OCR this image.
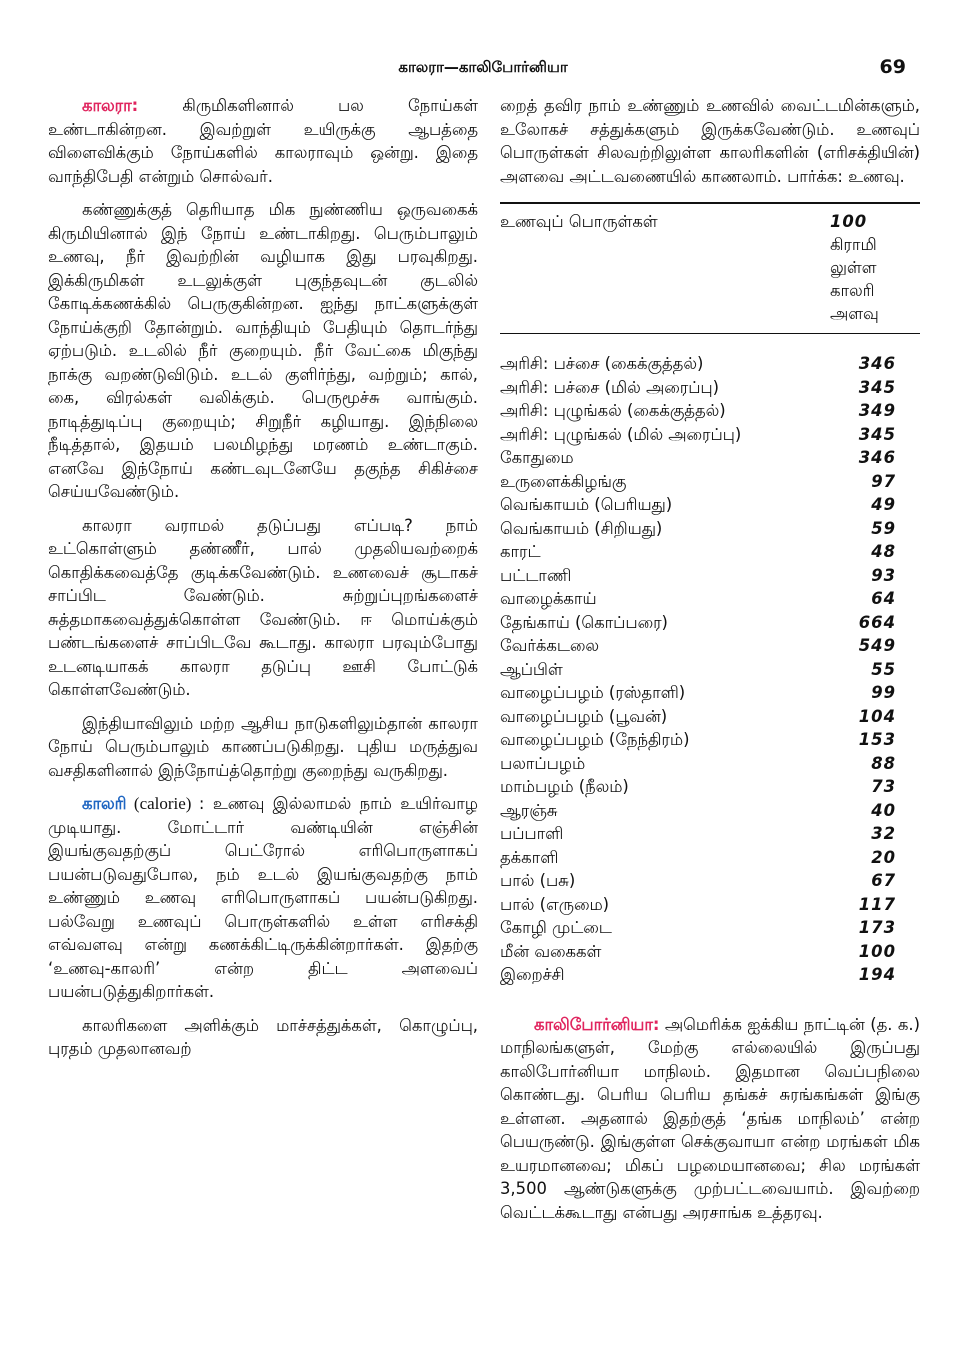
காலரா—காலிபோர்னியா	69

காலரா: கிருமிகளினால் பல நோய்கள் உண்டாகின்றன. இவற்றுள் உயிருக்கு ஆபத்தை விளைவிக்கும் நோய்களில் காலராவும் ஒன்று. இதை வாந்திபேதி என்றும் சொல்வர்.

கண்ணுக்குத் தெரியாத மிக நுண்ணிய ஒருவகைக் கிருமியினால் இந் நோய் உண்டாகிறது. பெரும்பாலும் உணவு, நீர் இவற்றின் வழியாக இது பரவுகிறது. இக்கிருமிகள் உடலுக்குள் புகுந்தவுடன் குடலில் கோடிக்கணக்கில் பெருகுகின்றன. ஐந்து நாட்களுக்குள் நோய்க்குறி தோன்றும். வாந்தியும் பேதியும் தொடர்ந்து ஏற்படும். உடலில் நீர் குறையும். நீர் வேட்கை மிகுந்து நாக்கு வறண்டுவிடும். உடல் குளிர்ந்து, வற்றும்; கால், கை, விரல்கள் வலிக்கும். பெருமூச்சு வாங்கும். நாடித்துடிப்பு குறையும்; சிறுநீர் கழியாது. இந்நிலை நீடித்தால், இதயம் பலமிழந்து மரணம் உண்டாகும். எனவே இந்நோய் கண்டவுடனேயே தகுந்த சிகிச்சை செய்யவேண்டும்.

காலரா வராமல் தடுப்பது எப்படி? நாம் உட்கொள்ளும் தண்ணீர், பால் முதலியவற்றைக் கொதிக்கவைத்தே குடிக்கவேண்டும். உணவைச் சூடாகச் சாப்பிட வேண்டும். சுற்றுப்புறங்களைச் சுத்தமாகவைத்துக்கொள்ள வேண்டும். ஈ மொய்க்கும் பண்டங்களைச் சாப்பிடவே கூடாது. காலரா பரவும்போது உடனடியாகக் காலரா தடுப்பு ஊசி போட்டுக் கொள்ளவேண்டும்.

இந்தியாவிலும் மற்ற ஆசிய நாடுகளிலும்தான் காலரா நோய் பெரும்பாலும் காணப்படுகிறது. புதிய மருத்துவ வசதிகளினால் இந்நோய்த்தொற்று குறைந்து வருகிறது.

காலரி (calorie) : உணவு இல்லாமல் நாம் உயிர்வாழ முடியாது. மோட்டார் வண்டியின் எஞ்சின் இயங்குவதற்குப் பெட்ரோல் எரிபொருளாகப் பயன்படுவதுபோல, நம் உடல் இயங்குவதற்கு நாம் உண்ணும் உணவு எரிபொருளாகப் பயன்படுகிறது. பல்வேறு உணவுப் பொருள்களில் உள்ள எரிசக்தி எவ்வளவு என்று கணக்கிட்டிருக்கின்றார்கள். இதற்கு ‘உணவு-காலரி’ என்ற திட்ட அளவைப் பயன்படுத்துகிறார்கள்.

காலரிகளை அளிக்கும் மாச்சத்துக்கள், கொழுப்பு, புரதம் முதலானவற்

றைத் தவிர நாம் உண்ணும் உணவில் வைட்டமின்களும், உலோகச் சத்துக்களும் இருக்கவேண்டும். உணவுப் பொருள்கள் சிலவற்றிலுள்ள காலரிகளின் (எரிசக்தியின்) அளவை அட்டவணையில் காணலாம். பார்க்க: உணவு.

உணவுப் பொருள்கள்	100
கிராமி
லுள்ள
காலரி
அளவு
அரிசி: பச்சை (கைக்குத்தல்)	346
அரிசி: பச்சை (மில் அரைப்பு)	345
அரிசி: புழுங்கல் (கைக்குத்தல்)	349
அரிசி: புழுங்கல் (மில் அரைப்பு)	345
கோதுமை	346
உருளைக்கிழங்கு	97
வெங்காயம் (பெரியது)	49
வெங்காயம் (சிறியது)	59
காரட்	48
பட்டாணி	93
வாழைக்காய்	64
தேங்காய் (கொப்பரை)	664
வேர்க்கடலை	549
ஆப்பிள்	55
வாழைப்பழம் (ரஸ்தாளி)	99
வாழைப்பழம் (பூவன்)	104
வாழைப்பழம் (நேந்திரம்)	153
பலாப்பழம்	88
மாம்பழம் (நீலம்)	73
ஆரஞ்சு	40
பப்பாளி	32
தக்காளி	20
பால் (பசு)	67
பால் (எருமை)	117
கோழி முட்டை	173
மீன் வகைகள்	100
இறைச்சி	194

காலிபோர்னியா: அமெரிக்க ஐக்கிய நாட்டின் (த. க.) மாநிலங்களுள், மேற்கு எல்லையில் இருப்பது காலிபோர்னியா மாநிலம். இதமான வெப்பநிலை கொண்டது. பெரிய பெரிய தங்கச் சுரங்கங்கள் இங்கு உள்ளன. அதனால் இதற்குத் ‘தங்க மாநிலம்’ என்ற பெயருண்டு. இங்குள்ள செக்குவாயா என்ற மரங்கள் மிக உயரமானவை; மிகப் பழமையானவை; சில மரங்கள் 3,500 ஆண்டுகளுக்கு முற்பட்டவையாம். இவற்றை வெட்டக்கூடாது என்பது அரசாங்க உத்தரவு.
